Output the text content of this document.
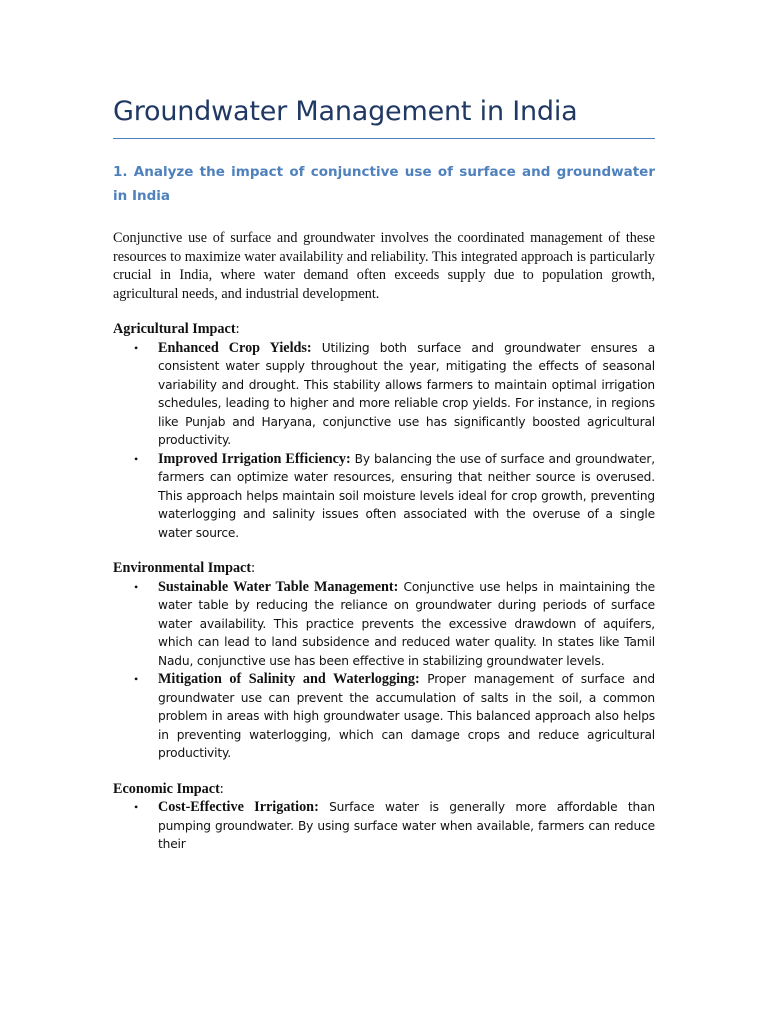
Groundwater Management in India
1. Analyze the impact of conjunctive use of surface and groundwater in India

Conjunctive use of surface and groundwater involves the coordinated management of these resources to maximize water availability and reliability. This integrated approach is particularly crucial in India, where water demand often exceeds supply due to population growth, agricultural needs, and industrial development.

Agricultural Impact:

• Enhanced Crop Yields: Utilizing both surface and groundwater ensures a consistent water supply throughout the year, mitigating the effects of seasonal variability and drought. This stability allows farmers to maintain optimal irrigation schedules, leading to higher and more reliable crop yields. For instance, in regions like Punjab and Haryana, conjunctive use has significantly boosted agricultural productivity.
• Improved Irrigation Efficiency: By balancing the use of surface and groundwater, farmers can optimize water resources, ensuring that neither source is overused. This approach helps maintain soil moisture levels ideal for crop growth, preventing waterlogging and salinity issues often associated with the overuse of a single water source.

Environmental Impact:

• Sustainable Water Table Management: Conjunctive use helps in maintaining the water table by reducing the reliance on groundwater during periods of surface water availability. This practice prevents the excessive drawdown of aquifers, which can lead to land subsidence and reduced water quality. In states like Tamil Nadu, conjunctive use has been effective in stabilizing groundwater levels.
• Mitigation of Salinity and Waterlogging: Proper management of surface and groundwater use can prevent the accumulation of salts in the soil, a common problem in areas with high groundwater usage. This balanced approach also helps in preventing waterlogging, which can damage crops and reduce agricultural productivity.

Economic Impact:

• Cost-Effective Irrigation: Surface water is generally more affordable than pumping groundwater. By using surface water when available, farmers can reduce their
